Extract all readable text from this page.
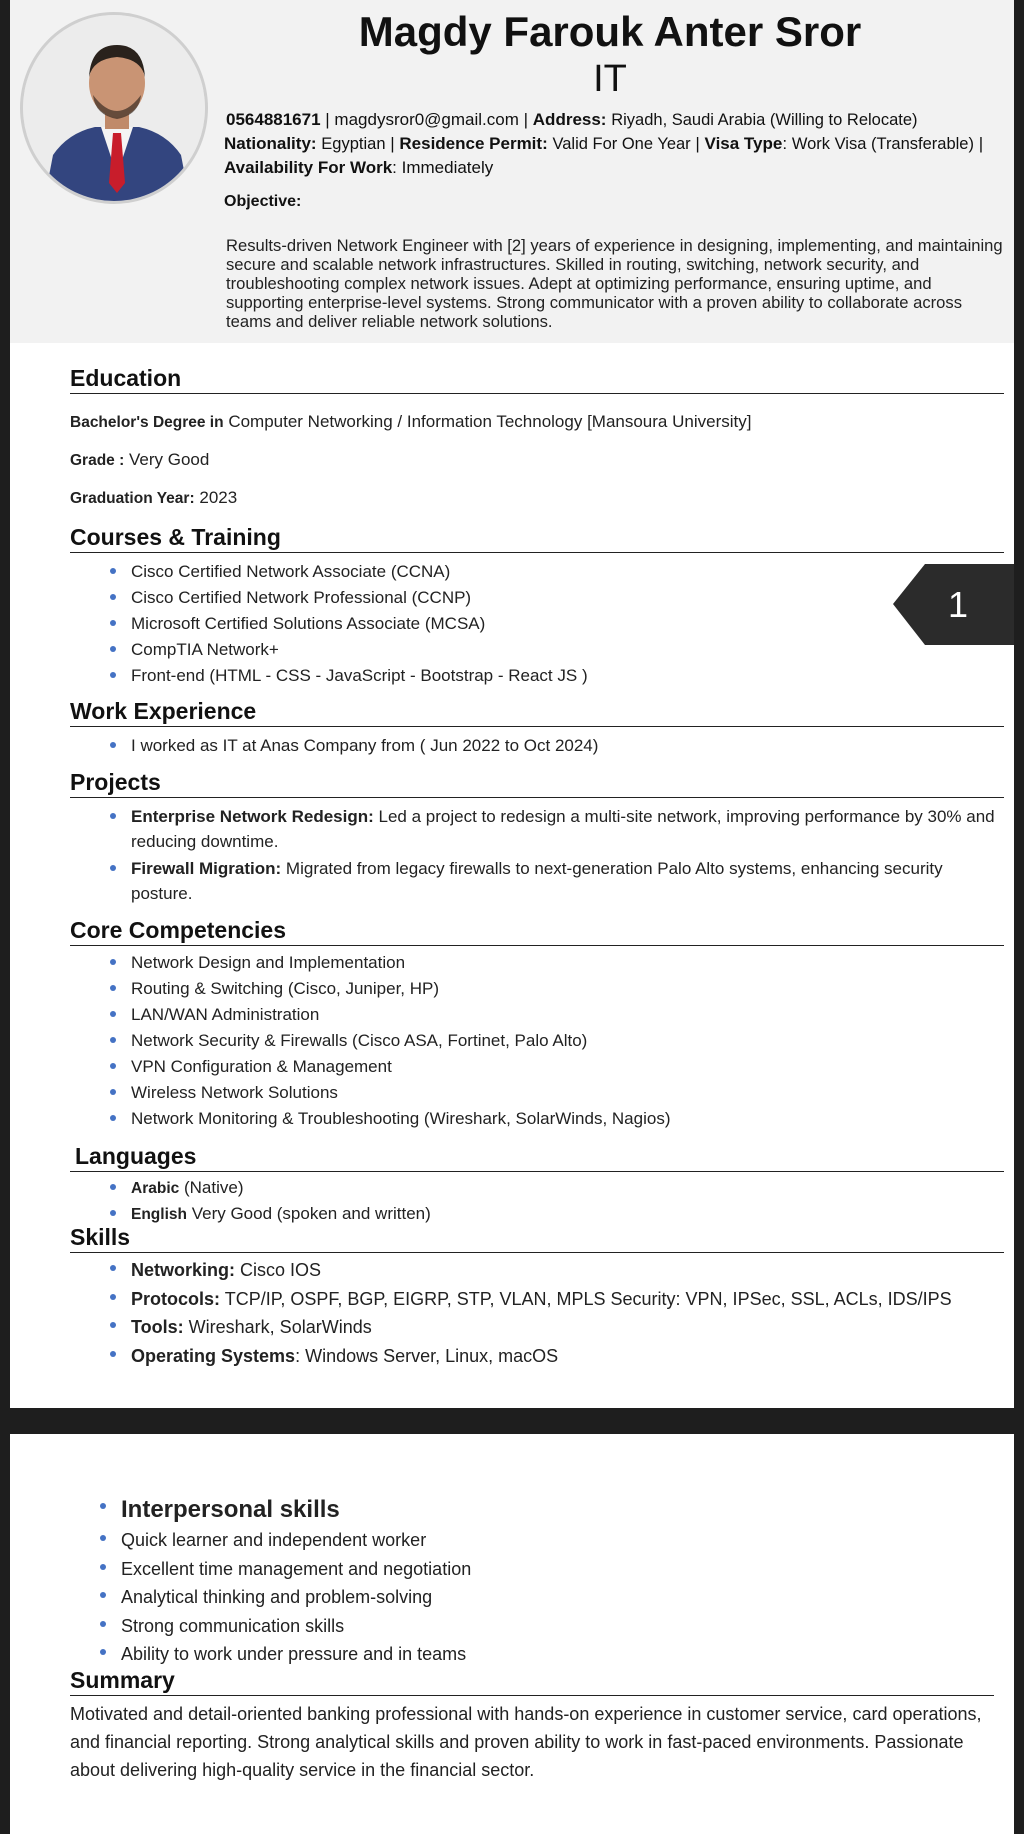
Magdy Farouk Anter Sror
IT
0564881671 | magdysror0@gmail.com | Address: Riyadh, Saudi Arabia (Willing to Relocate)
Nationality: Egyptian | Residence Permit: Valid For One Year | Visa Type: Work Visa (Transferable) |
Availability For Work: Immediately
Objective:
Results-driven Network Engineer with [2] years of experience in designing, implementing, and maintaining secure and scalable network infrastructures. Skilled in routing, switching, network security, and troubleshooting complex network issues. Adept at optimizing performance, ensuring uptime, and supporting enterprise-level systems. Strong communicator with a proven ability to collaborate across teams and deliver reliable network solutions.
Education
Bachelor's Degree in Computer Networking / Information Technology [Mansoura University]
Grade : Very Good
Graduation Year: 2023
Courses & Training
Cisco Certified Network Associate (CCNA)
Cisco Certified Network Professional (CCNP)
Microsoft Certified Solutions Associate (MCSA)
CompTIA Network+
Front-end (HTML - CSS - JavaScript - Bootstrap - React JS )
Work Experience
I worked as IT at Anas Company from ( Jun 2022 to Oct 2024)
Projects
Enterprise Network Redesign: Led a project to redesign a multi-site network, improving performance by 30% and reducing downtime.
Firewall Migration: Migrated from legacy firewalls to next-generation Palo Alto systems, enhancing security posture.
Core Competencies
Network Design and Implementation
Routing & Switching (Cisco, Juniper, HP)
LAN/WAN Administration
Network Security & Firewalls (Cisco ASA, Fortinet, Palo Alto)
VPN Configuration & Management
Wireless Network Solutions
Network Monitoring & Troubleshooting (Wireshark, SolarWinds, Nagios)
Languages
Arabic (Native)
English Very Good (spoken and written)
Skills
Networking: Cisco IOS
Protocols: TCP/IP, OSPF, BGP, EIGRP, STP, VLAN, MPLS Security: VPN, IPSec, SSL, ACLs, IDS/IPS
Tools: Wireshark, SolarWinds
Operating Systems: Windows Server, Linux, macOS
1
Interpersonal skills
Quick learner and independent worker
Excellent time management and negotiation
Analytical thinking and problem-solving
Strong communication skills
Ability to work under pressure and in teams
Summary
Motivated and detail-oriented banking professional with hands-on experience in customer service, card operations, and financial reporting. Strong analytical skills and proven ability to work in fast-paced environments. Passionate about delivering high-quality service in the financial sector.
